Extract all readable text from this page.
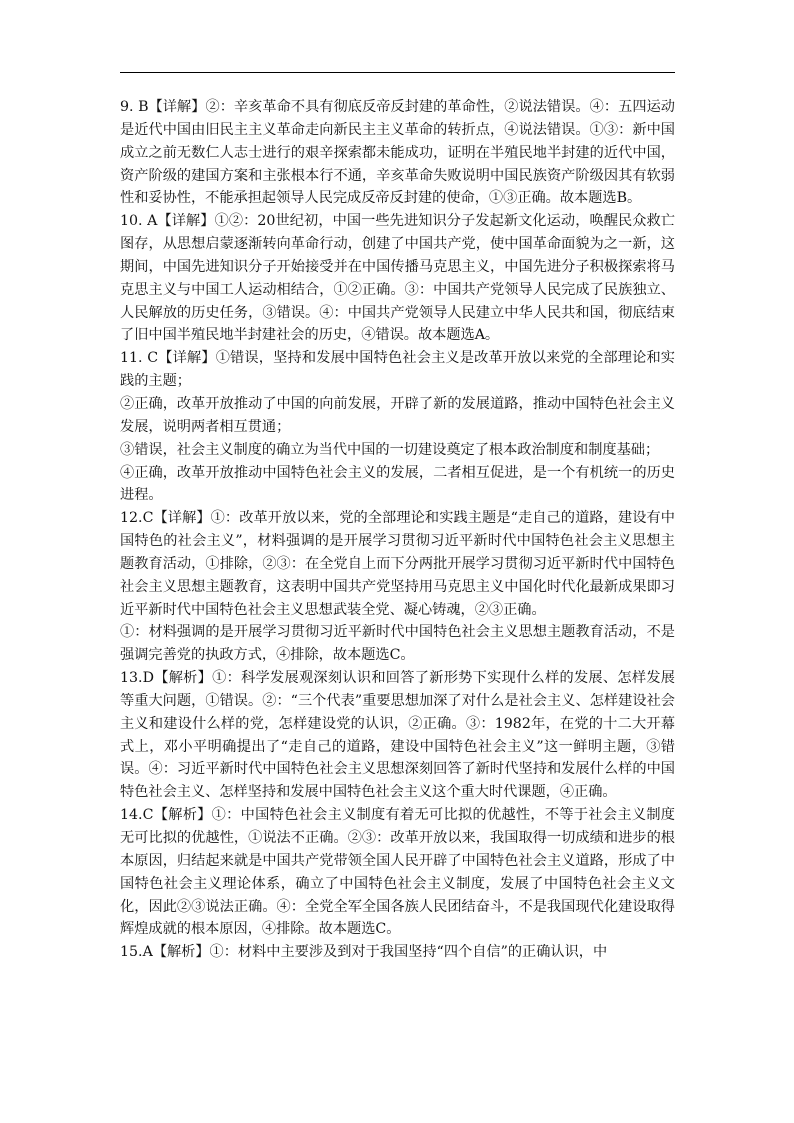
9. B【详解】②：辛亥革命不具有彻底反帝反封建的革命性，②说法错误。④：五四运动是近代中国由旧民主主义革命走向新民主主义革命的转折点，④说法错误。①③：新中国成立之前无数仁人志士进行的艰辛探索都未能成功，证明在半殖民地半封建的近代中国，资产阶级的建国方案和主张根本行不通，辛亥革命失败说明中国民族资产阶级因其有软弱性和妥协性，不能承担起领导人民完成反帝反封建的使命，①③正确。故本题选B。

10. A【详解】①②：20世纪初，中国一些先进知识分子发起新文化运动，唤醒民众救亡图存，从思想启蒙逐渐转向革命行动，创建了中国共产党，使中国革命面貌为之一新，这期间，中国先进知识分子开始接受并在中国传播马克思主义，中国先进分子积极探索将马克思主义与中国工人运动相结合，①②正确。③：中国共产党领导人民完成了民族独立、人民解放的历史任务，③错误。④：中国共产党领导人民建立中华人民共和国，彻底结束了旧中国半殖民地半封建社会的历史，④错误。故本题选A。

11. C【详解】①错误，坚持和发展中国特色社会主义是改革开放以来党的全部理论和实践的主题；

②正确，改革开放推动了中国的向前发展，开辟了新的发展道路，推动中国特色社会主义发展，说明两者相互贯通；

③错误，社会主义制度的确立为当代中国的一切建设奠定了根本政治制度和制度基础；

④正确，改革开放推动中国特色社会主义的发展，二者相互促进，是一个有机统一的历史进程。

12.C【详解】①：改革开放以来，党的全部理论和实践主题是“走自己的道路，建设有中国特色的社会主义”，材料强调的是开展学习贯彻习近平新时代中国特色社会主义思想主题教育活动，①排除，②③：在全党自上而下分两批开展学习贯彻习近平新时代中国特色社会主义思想主题教育，这表明中国共产党坚持用马克思主义中国化时代化最新成果即习近平新时代中国特色社会主义思想武装全党、凝心铸魂，②③正确。

①：材料强调的是开展学习贯彻习近平新时代中国特色社会主义思想主题教育活动，不是强调完善党的执政方式，④排除，故本题选C。

13.D【解析】①：科学发展观深刻认识和回答了新形势下实现什么样的发展、怎样发展等重大问题，①错误。②：“三个代表”重要思想加深了对什么是社会主义、怎样建设社会主义和建设什么样的党，怎样建设党的认识，②正确。③：1982年，在党的十二大开幕式上，邓小平明确提出了“走自己的道路，建设中国特色社会主义”这一鲜明主题，③错误。④：习近平新时代中国特色社会主义思想深刻回答了新时代坚持和发展什么样的中国特色社会主义、怎样坚持和发展中国特色社会主义这个重大时代课题，④正确。

14.C【解析】①：中国特色社会主义制度有着无可比拟的优越性，不等于社会主义制度无可比拟的优越性，①说法不正确。②③：改革开放以来，我国取得一切成绩和进步的根本原因，归结起来就是中国共产党带领全国人民开辟了中国特色社会主义道路，形成了中国特色社会主义理论体系，确立了中国特色社会主义制度，发展了中国特色社会主义文化，因此②③说法正确。④：全党全军全国各族人民团结奋斗，不是我国现代化建设取得辉煌成就的根本原因，④排除。故本题选C。

15.A【解析】①：材料中主要涉及到对于我国坚持“四个自信”的正确认识，中
